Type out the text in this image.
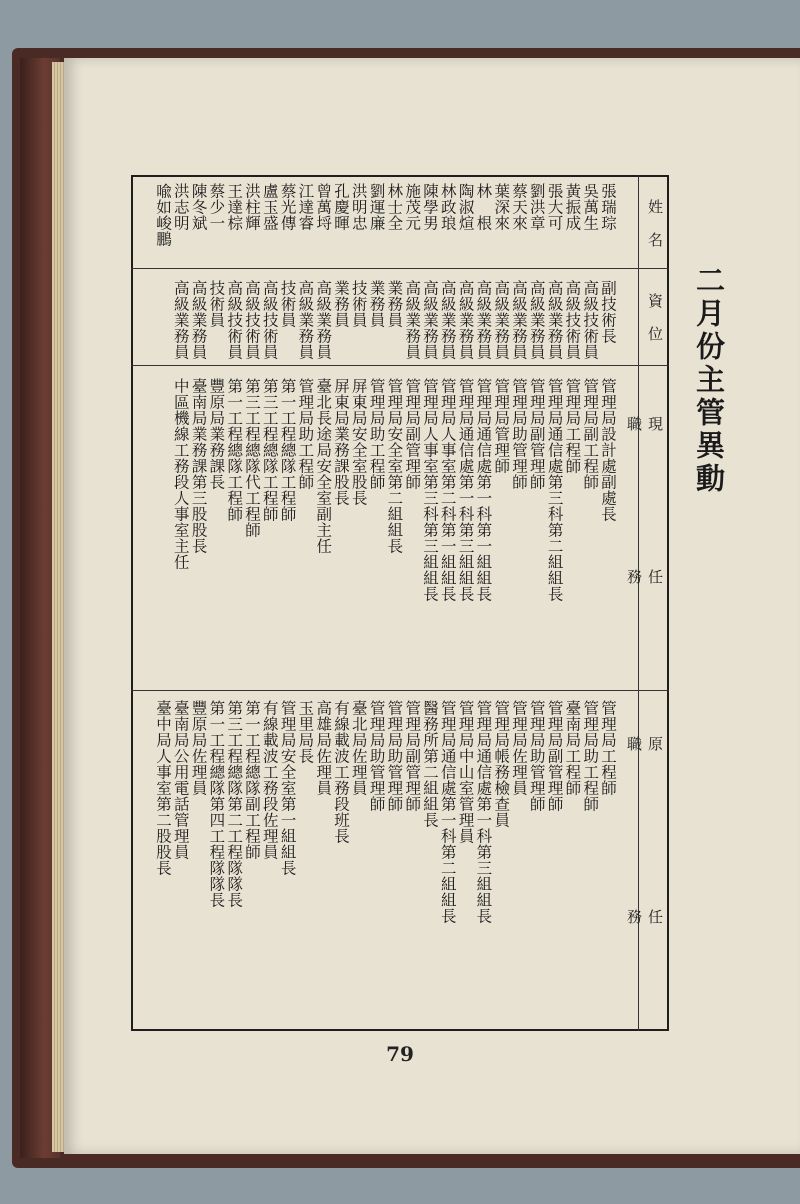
二月份主管異動
姓 名
資 位
現 任 職 務
原 任 職 務
張瑞琮
副技術長
管理局設計處副處長
管理局工程師
吳萬生
高級技術員
管理局副工程師
管理局助工程師
黃振成
高級技術員
管理局工程師
臺南局工程師
張大可
高級業務員
管理局通信處第三科第二組組長
管理局副管理師
劉洪章
高級業務員
管理局副管理師
管理局助管理師
蔡天來
高級業務員
管理局助管理師
管理局佐理員
葉深來
高級業務員
管理局管理師
管理局帳務檢查員
林　根
高級業務員
管理局通信處第一科第一組組長
管理局通信處第一科第三組組長
陶淑煊
高級業務員
管理局通信處第一科第三組組長
管理局中山室管理員
林政琅
高級業務員
管理局人事室第二科第一組組長
管理局通信處第一科第二組組長
陳學男
高級業務員
管理局人事室第三科第三組組長
醫務所第二組組長
施茂元
高級業務員
管理局副管理師
管理局副管理師
林士全
業務員
管理局安全室第二組組長
管理局助管理師
劉運廉
業務員
管理局助工程師
管理局助管理師
洪明忠
技術員
屏東局安全室股長
臺北局佐理員
孔慶暉
業務員
屏東局業務課股長
有線載波工務段班長
曾萬埒
高級業務員
臺北長途局安全室副主任
高雄局佐理員
江達睿
高級業務員
管理局助工程師
玉里局長
蔡光傳
技術員
第一工程總隊工程師
管理局安全室第一組組長
盧玉盛
高級技術員
第三工程總隊工程師
有線載波工務段佐理員
洪柱輝
高級技術員
第三工程總隊代工程師
第一工程總隊副工程師
王達棕
高級技術員
第一工程總隊工程師
第三工程總隊第二工程隊隊長
蔡少一
技術員
豐原局業務課長
第一工程總隊第四工程隊隊長
陳冬斌
高級業務員
臺南局業務課第三股股長
豐原局佐理員
洪志明
高級業務員
中區機線工務段人事室主任
臺南局公用電話管理員
喩如峻鵬
臺中局人事室第二股股長
79
